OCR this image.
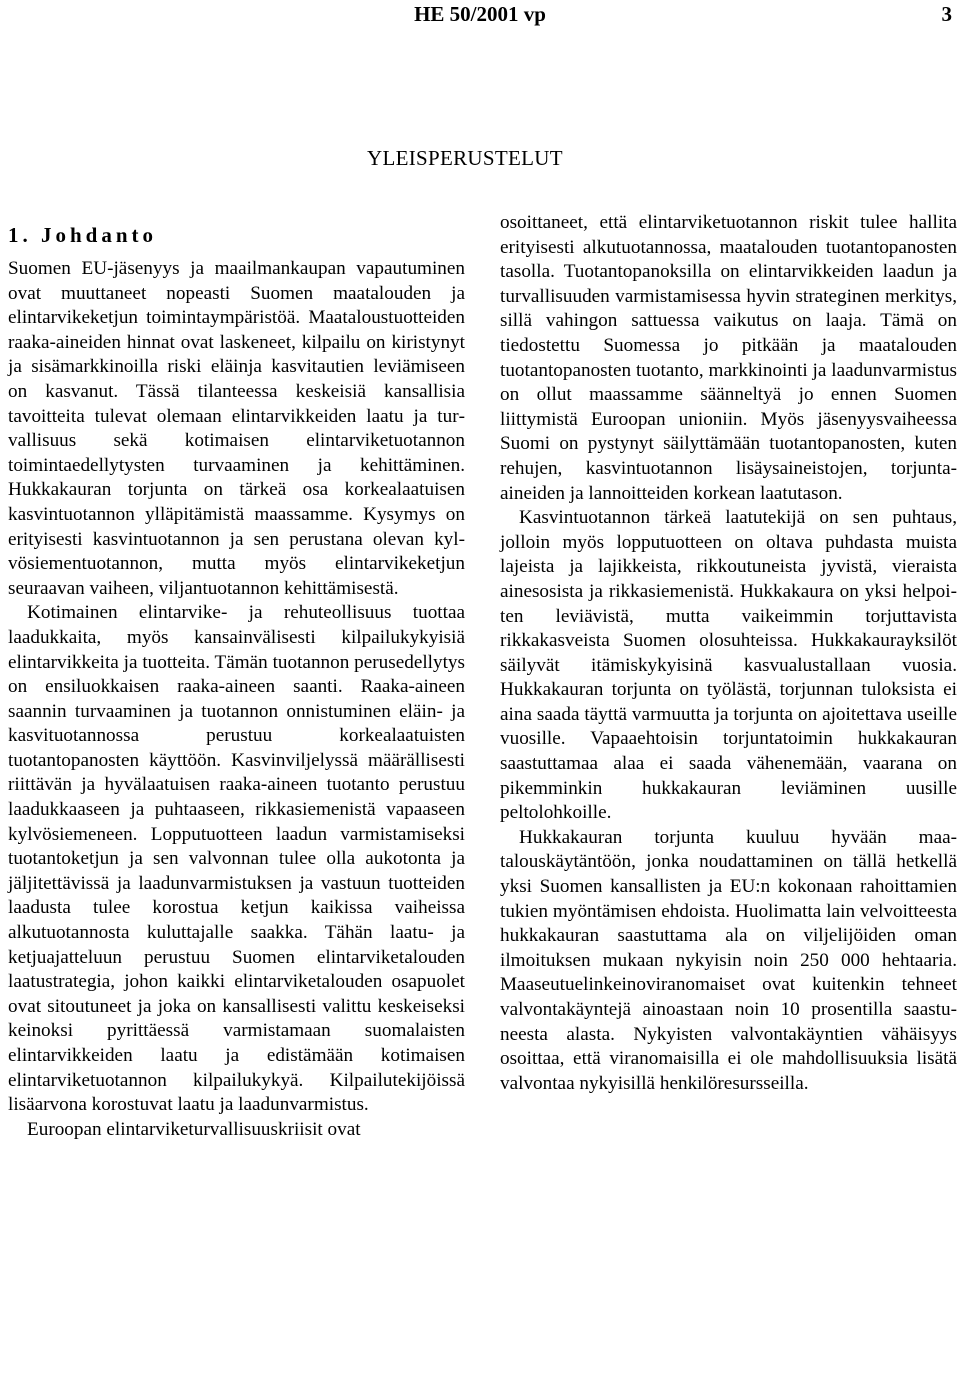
HE 50/2001 vp	3
YLEISPERUSTELUT
1. Johdanto

Suomen EU-jäsenyys ja maailmankaupan vapautuminen ovat muuttaneet nopeasti Suomen maatalouden ja elintarvikeketjun toimintaympäristöä. Maataloustuotteiden raaka-aineiden hinnat ovat laskeneet, kilpailu on kiristynyt ja sisämarkkinoilla riski eläinja kasvitautien leviämiseen on kasvanut. Tässä tilanteessa keskeisiä kansallisia tavoitteita tulevat olemaan elintarvikkeiden laatu ja turvallisuus sekä kotimaisen elintarviketuotannon toimintaedellytysten turvaaminen ja kehittäminen. Hukkakauran torjunta on tärkeä osa korkealaatuisen kasvintuotannon ylläpitämistä maassamme. Kysymys on erityisesti kasvintuotannon ja sen perustana olevan kylvösiementuotannon, mutta myös elintarvikeketjun seuraavan vaiheen, viljantuotannon kehittämisestä.

Kotimainen elintarvike- ja rehuteollisuus tuottaa laadukkaita, myös kansainvälisesti kilpailukykyisiä elintarvikkeita ja tuotteita. Tämän tuotannon perusedellytys on ensiluokkaisen raaka-aineen saanti. Raaka-aineen saannin turvaaminen ja tuotannon onnistuminen eläin- ja kasvituotannossa perustuu korkealaatuisten tuotantopanosten käyttöön. Kasvinviljelyssä määrällisesti riittävän ja hyvälaatuisen raaka-aineen tuotanto perustuu laadukkaaseen ja puhtaaseen, rikkasiemenistä vapaaseen kylvösiemeneen. Lopputuotteen laadun varmistamiseksi tuotantoketjun ja sen valvonnan tulee olla aukotonta ja jäljitettävissä ja laadunvarmistuksen ja vastuun tuotteiden laadusta tulee korostua ketjun kaikissa vaiheissa alkutuotannosta kuluttajalle saakka. Tähän laatu- ja ketjuajatteluun perustuu Suomen elintarviketalouden laatustrategia, johon kaikki elintarviketalouden osapuolet ovat sitoutuneet ja joka on kansallisesti valittu keskeiseksi keinoksi pyrittäessä varmistamaan suomalaisten elintarvikkeiden laatu ja edistämään kotimaisen elintarviketuotannon kilpailukykyä. Kilpailutekijöissä lisäarvona korostuvat laatu ja laadunvarmistus.

Euroopan elintarviketurvallisuuskriisit ovat

osoittaneet, että elintarviketuotannon riskit tulee hallita erityisesti alkutuotannossa, maatalouden tuotantopanosten tasolla. Tuotantopanoksilla on elintarvikkeiden laadun ja turvallisuuden varmistamisessa hyvin strateginen merkitys, sillä vahingon sattuessa vaikutus on laaja. Tämä on tiedostettu Suomessa jo pitkään ja maatalouden tuotantopanosten tuotanto, markkinointi ja laadunvarmistus on ollut maassamme säänneltyä jo ennen Suomen liittymistä Euroopan unioniin. Myös jäsenyysvaiheessa Suomi on pystynyt säilyttämään tuotantopanosten, kuten rehujen, kasvintuotannon lisäysaineistojen, torjuntaaineiden ja lannoitteiden korkean laatutason.

Kasvintuotannon tärkeä laatutekijä on sen puhtaus, jolloin myös lopputuotteen on oltava puhdasta muista lajeista ja lajikkeista, rikkoutuneista jyvistä, vieraista ainesosista ja rikkasiemenistä. Hukkakaura on yksi helpoiten leviävistä, mutta vaikeimmin torjuttavista rikkakasveista Suomen olosuhteissa. Hukkakaurayksilöt säilyvät itämiskykyisinä kasvualustallaan vuosia. Hukkakauran torjunta on työlästä, torjunnan tuloksista ei aina saada täyttä varmuutta ja torjunta on ajoitettava useille vuosille. Vapaaehtoisin torjuntatoimin hukkakauran saastuttamaa alaa ei saada vähenemään, vaarana on pikemminkin hukkakauran leviäminen uusille peltolohkoille.

Hukkakauran torjunta kuuluu hyvään maatalouskäytäntöön, jonka noudattaminen on tällä hetkellä yksi Suomen kansallisten ja EU:n kokonaan rahoittamien tukien myöntämisen ehdoista. Huolimatta lain velvoitteesta hukkakauran saastuttama ala on viljelijöiden oman ilmoituksen mukaan nykyisin noin 250 000 hehtaaria. Maaseutuelinkeinoviranomaiset ovat kuitenkin tehneet valvontakäyntejä ainoastaan noin 10 prosentilla saastuneesta alasta. Nykyisten valvontakäyntien vähäisyys osoittaa, että viranomaisilla ei ole mahdollisuuksia lisätä valvontaa nykyisillä henkilöresursseilla.
